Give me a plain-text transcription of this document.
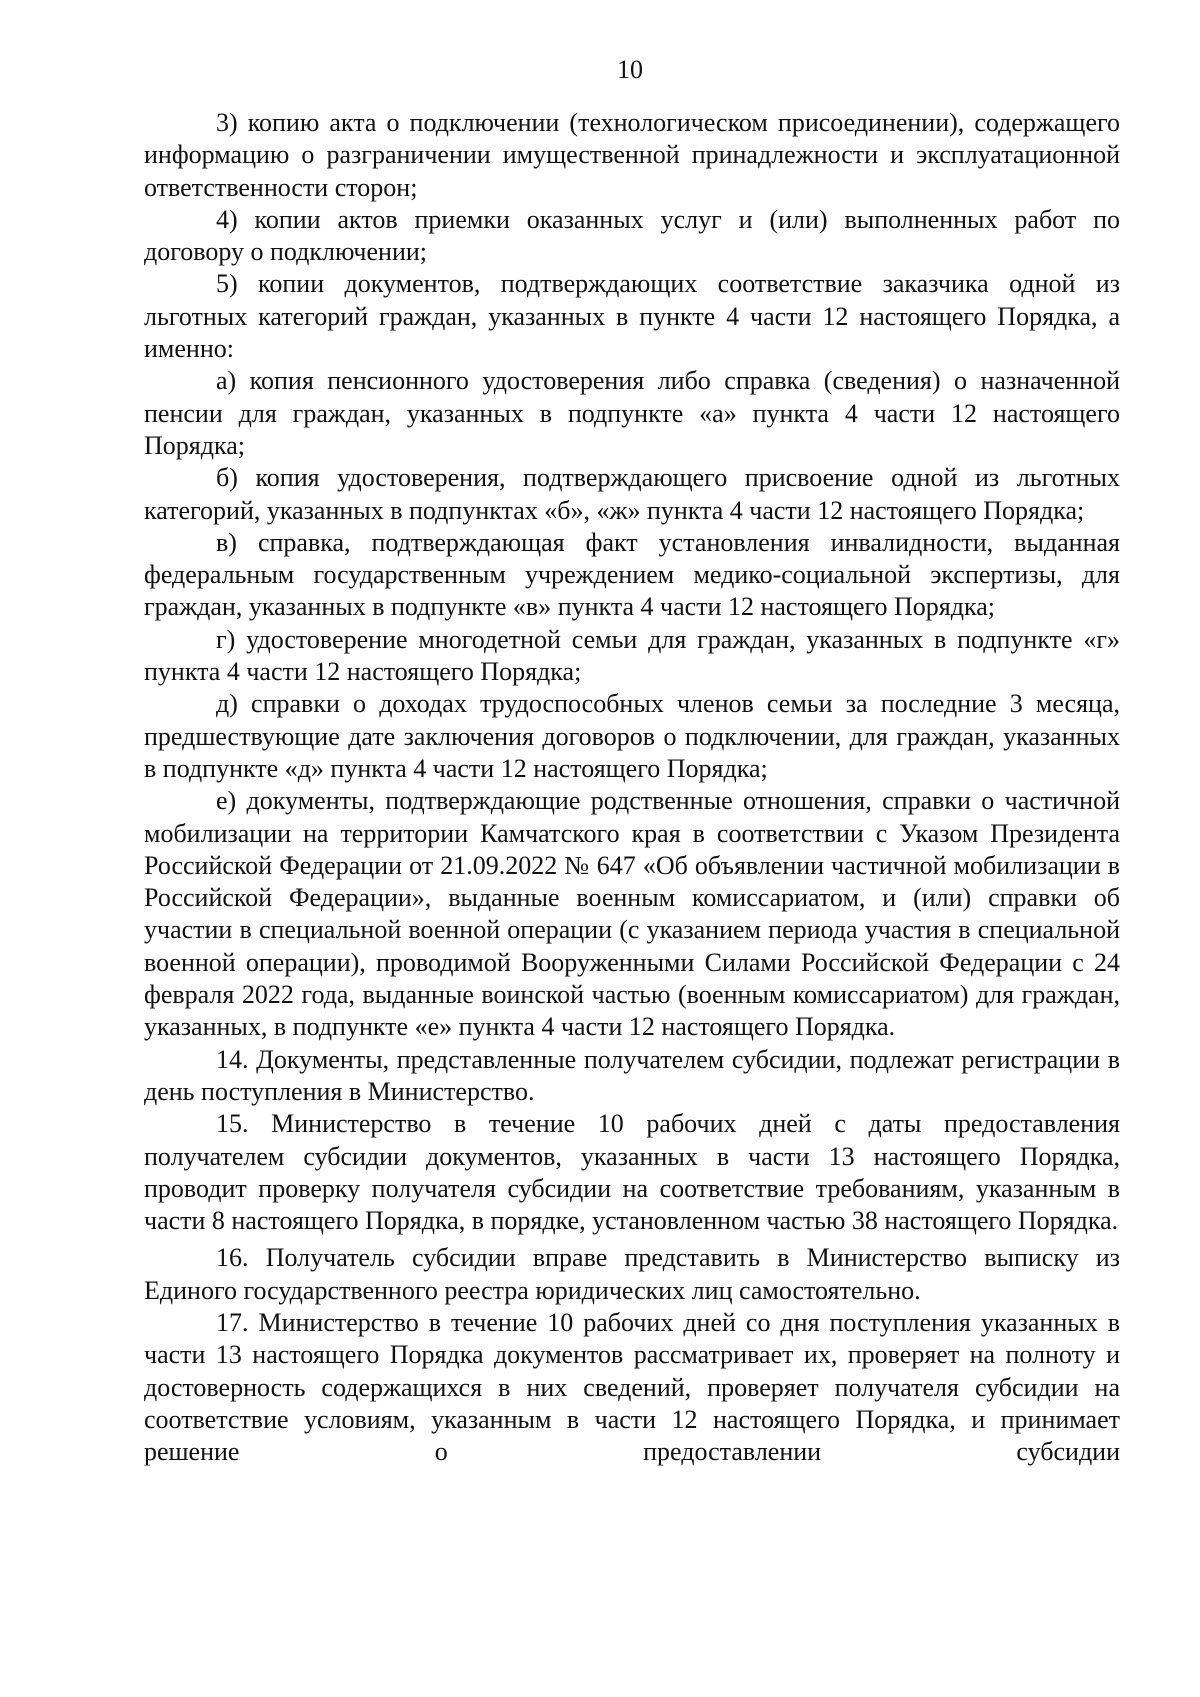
10

3) копию акта о подключении (технологическом присоединении), содержащего информацию о разграничении имущественной принадлежности и эксплуатационной ответственности сторон;

4) копии актов приемки оказанных услуг и (или) выполненных работ по договору о подключении;

5) копии документов, подтверждающих соответствие заказчика одной из льготных категорий граждан, указанных в пункте 4 части 12 настоящего Порядка, а именно:

а) копия пенсионного удостоверения либо справка (сведения) о назначенной пенсии для граждан, указанных в подпункте «а» пункта 4 части 12 настоящего Порядка;

б) копия удостоверения, подтверждающего присвоение одной из льготных категорий, указанных в подпунктах «б», «ж» пункта 4 части 12 настоящего Порядка;

в) справка, подтверждающая факт установления инвалидности, выданная федеральным государственным учреждением медико-социальной экспертизы, для граждан, указанных в подпункте «в» пункта 4 части 12 настоящего Порядка;

г) удостоверение многодетной семьи для граждан, указанных в подпункте «г» пункта 4 части 12 настоящего Порядка;

д) справки о доходах трудоспособных членов семьи за последние 3 месяца, предшествующие дате заключения договоров о подключении, для граждан, указанных в подпункте «д» пункта 4 части 12 настоящего Порядка;

е) документы, подтверждающие родственные отношения, справки о частичной мобилизации на территории Камчатского края в соответствии с Указом Президента Российской Федерации от 21.09.2022 № 647 «Об объявлении частичной мобилизации в Российской Федерации», выданные военным комиссариатом, и (или) справки об участии в специальной военной операции (с указанием периода участия в специальной военной операции), проводимой Вооруженными Силами Российской Федерации с 24 февраля 2022 года, выданные воинской частью (военным комиссариатом) для граждан, указанных, в подпункте «е» пункта 4 части 12 настоящего Порядка.

14. Документы, представленные получателем субсидии, подлежат регистрации в день поступления в Министерство.

15. Министерство в течение 10 рабочих дней с даты предоставления получателем субсидии документов, указанных в части 13 настоящего Порядка, проводит проверку получателя субсидии на соответствие требованиям, указанным в части 8 настоящего Порядка, в порядке, установленном частью 38 настоящего Порядка.

16. Получатель субсидии вправе представить в Министерство выписку из Единого государственного реестра юридических лиц самостоятельно.

17. Министерство в течение 10 рабочих дней со дня поступления указанных в части 13 настоящего Порядка документов рассматривает их, проверяет на полноту и достоверность содержащихся в них сведений, проверяет получателя субсидии на соответствие условиям, указанным в части 12 настоящего Порядка, и принимает решение о предоставлении субсидии
